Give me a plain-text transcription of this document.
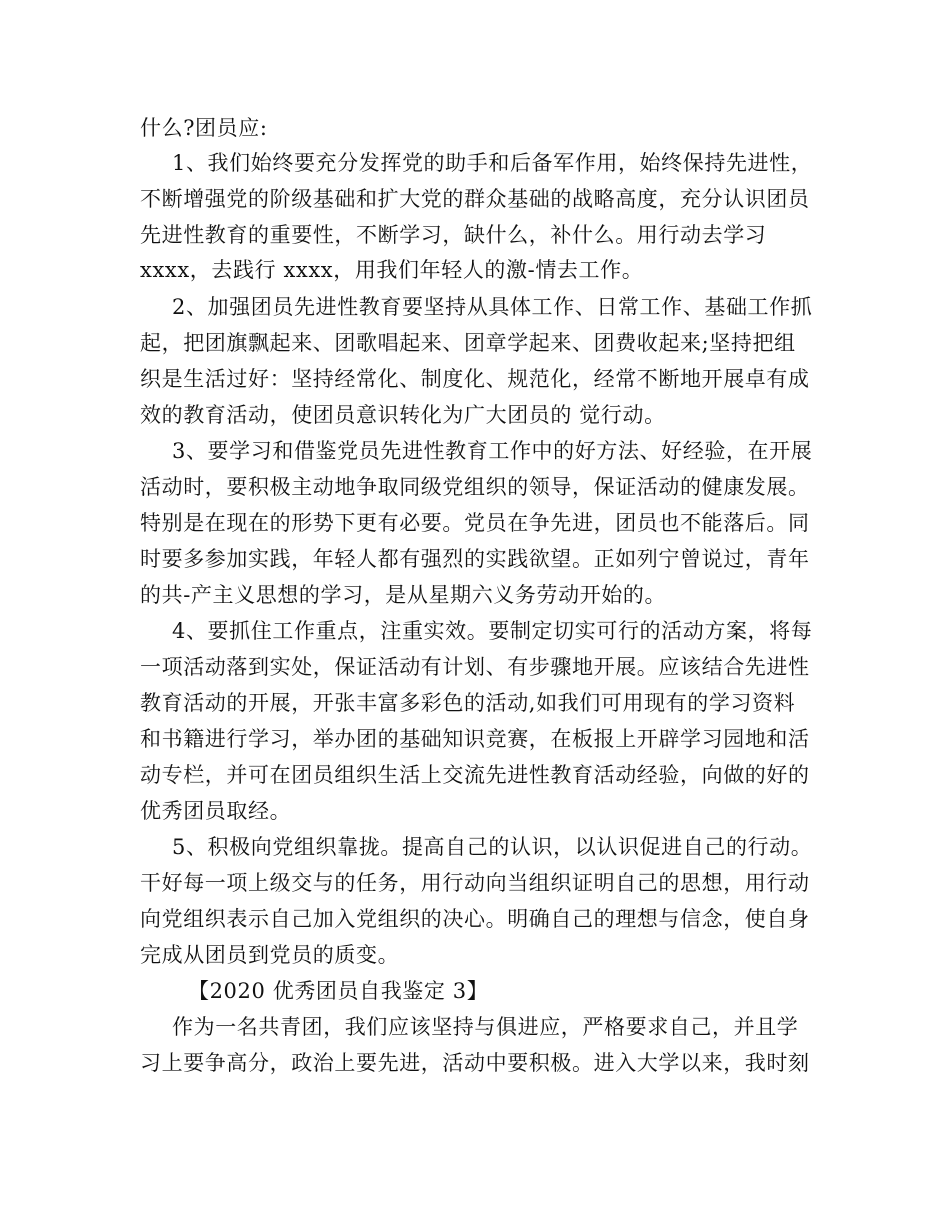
什么?团员应:
1、我们始终要充分发挥党的助手和后备军作用，始终保持先进性，
不断增强党的阶级基础和扩大党的群众基础的战略高度，充分认识团员
先进性教育的重要性，不断学习，缺什么，补什么。用行动去学习
xxxx，去践行 xxxx，用我们年轻人的激-情去工作。
2、加强团员先进性教育要坚持从具体工作、日常工作、基础工作抓
起，把团旗飘起来、团歌唱起来、团章学起来、团费收起来;坚持把组
织是生活过好：坚持经常化、制度化、规范化，经常不断地开展卓有成
效的教育活动，使团员意识转化为广大团员的 觉行动。
3、要学习和借鉴党员先进性教育工作中的好方法、好经验，在开展
活动时，要积极主动地争取同级党组织的领导，保证活动的健康发展。
特别是在现在的形势下更有必要。党员在争先进，团员也不能落后。同
时要多参加实践，年轻人都有强烈的实践欲望。正如列宁曾说过，青年
的共-产主义思想的学习，是从星期六义务劳动开始的。
4、要抓住工作重点，注重实效。要制定切实可行的活动方案，将每
一项活动落到实处，保证活动有计划、有步骤地开展。应该结合先进性
教育活动的开展，开张丰富多彩色的活动,如我们可用现有的学习资料
和书籍进行学习，举办团的基础知识竞赛，在板报上开辟学习园地和活
动专栏，并可在团员组织生活上交流先进性教育活动经验，向做的好的
优秀团员取经。
5、积极向党组织靠拢。提高自己的认识，以认识促进自己的行动。
干好每一项上级交与的任务，用行动向当组织证明自己的思想，用行动
向党组织表示自己加入党组织的决心。明确自己的理想与信念，使自身
完成从团员到党员的质变。
【2020 优秀团员自我鉴定 3】
作为一名共青团，我们应该坚持与俱进应，严格要求自己，并且学
习上要争高分，政治上要先进，活动中要积极。进入大学以来，我时刻
